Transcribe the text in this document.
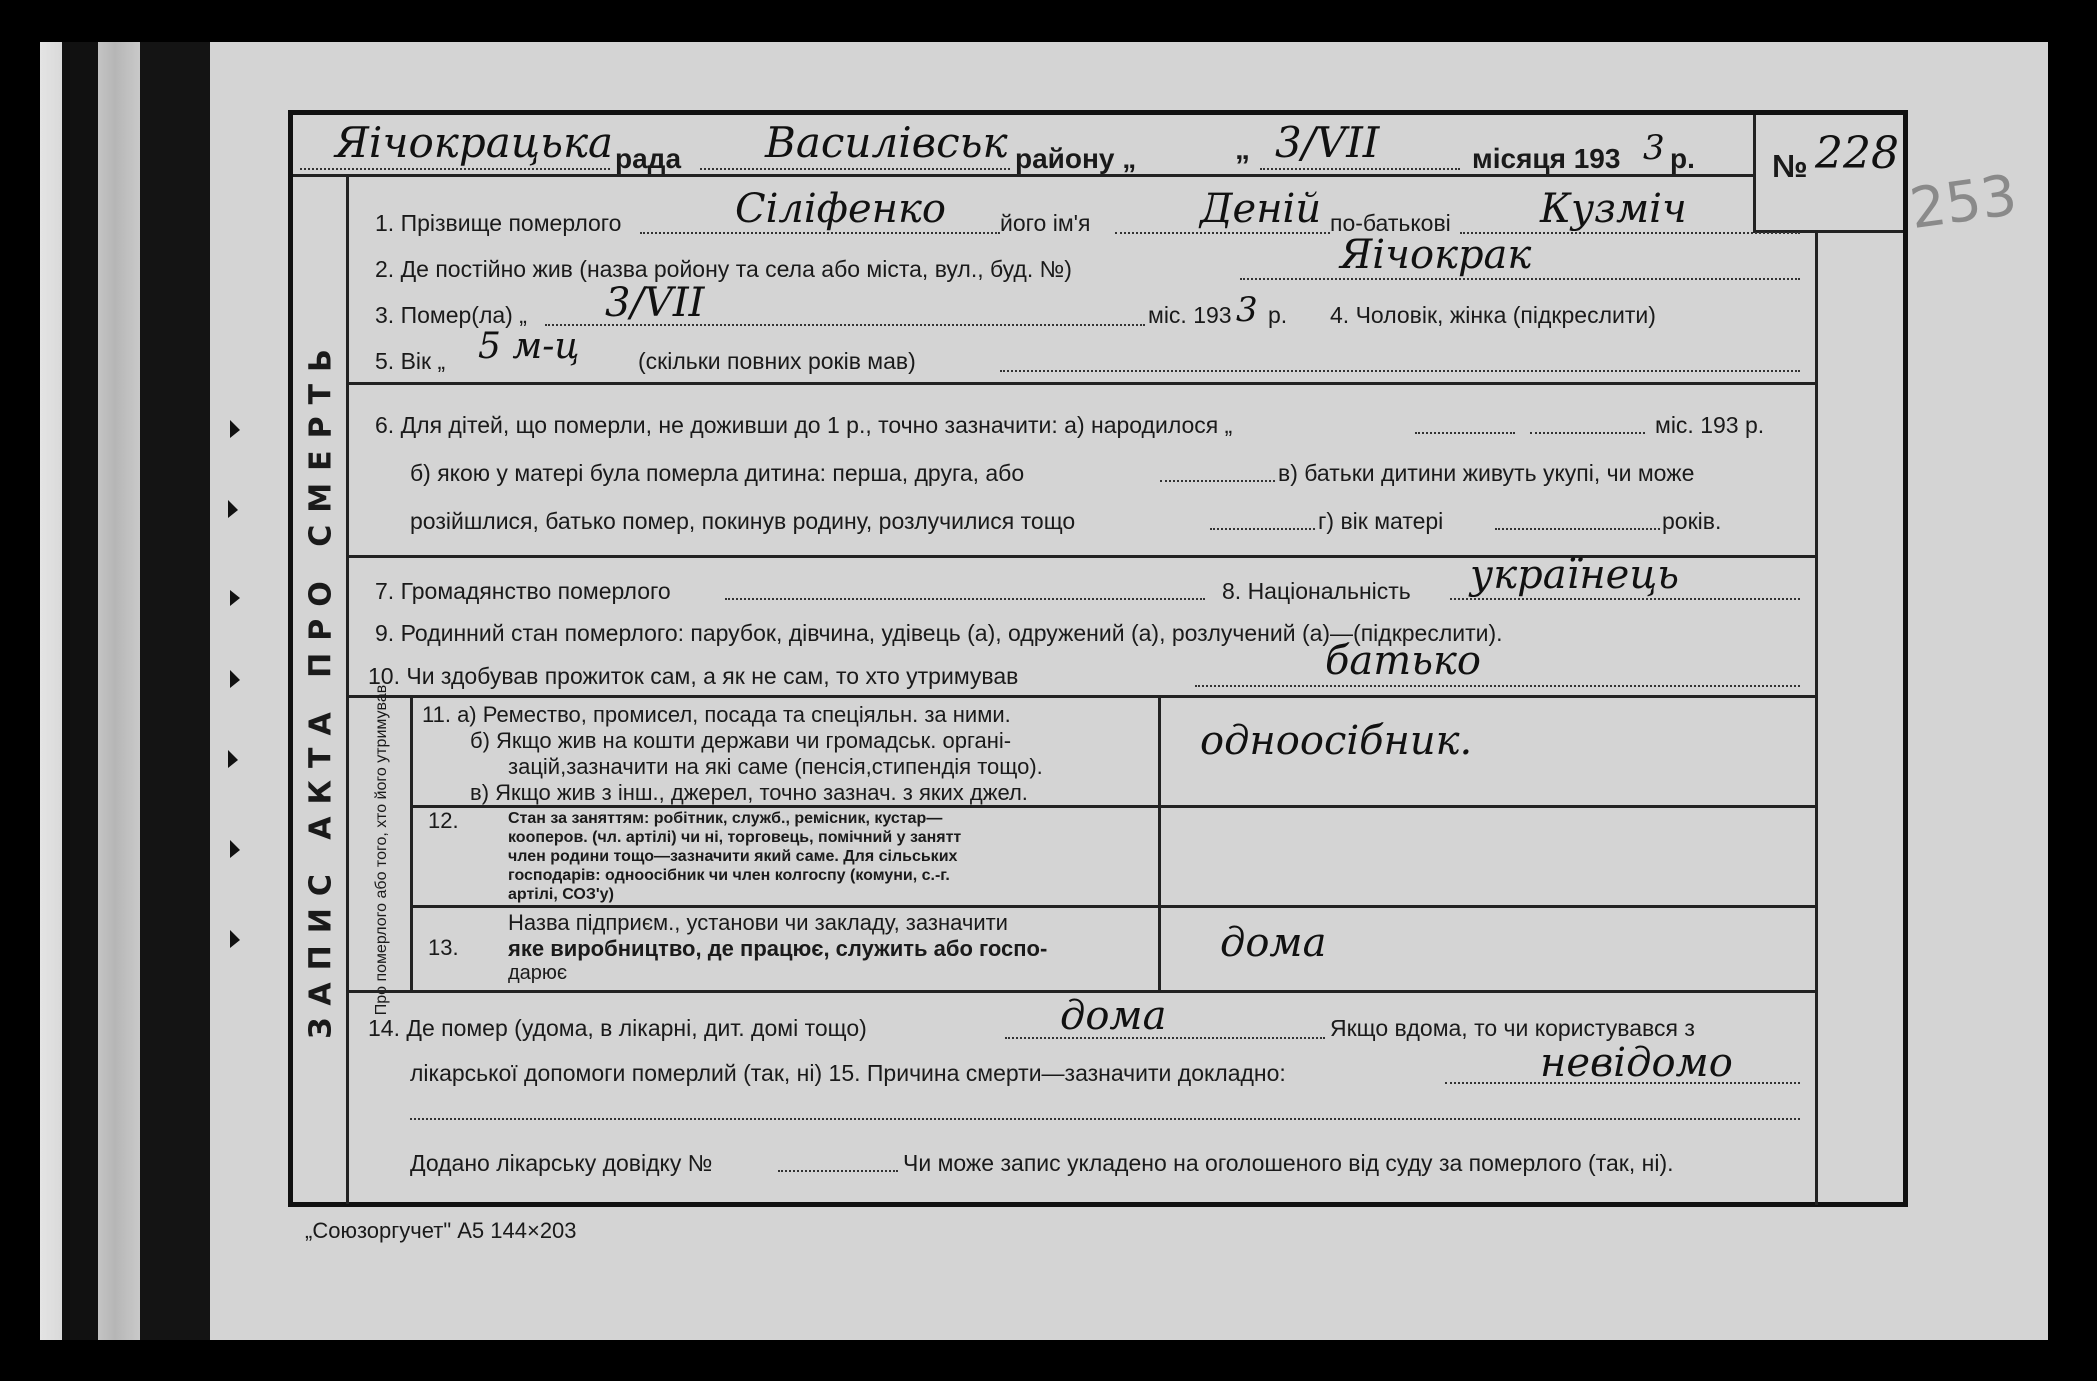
253
Яічокрацька рада Василівськ району „	„ 3/VII	місяця 193 3 р. № 228
ЗАПИС АКТА ПРО СМЕРТЬ
1. Прізвище померлого	Сіліфенко його ім'я	Деній по-батькові Кузміч
2. Де постійно жив (назва ройону та села або міста, вул., буд. №)	Яічокрак
3. Помер(ла) „ 3/VII	міс. 193 3 р. 4. Чоловік, жінка (підкреслити)
5. Вік „ 5 м-ц	(скільки повних років мав)
6. Для дітей, що померли, не доживши до 1 р., точно зазначити: а) народилося „	міс. 193 р.
б) якою у матері була померла дитина: перша, друга, або	в) батьки дитини живуть укупі, чи може
розійшлися, батько помер, покинув родину, розлучилися тощо	г) вік матері	років.
7. Громадянство померлого	8. Національність українець
9. Родинний стан померлого: парубок, дівчина, удівець (а), одружений (а), розлучений (а)—(підкреслити).
10. Чи здобував прожиток сам, а як не сам, то хто утримував	батько
Про померлого або того, хто його утримував 11. а) Ремество, промисел, посада та спеціяльн. за ними.
б) Якщо жив на кошти держави чи громадськ. органі-
зацій,зазначити на які саме (пенсія,стипендія тощо).
в) Якщо жив з інш., джерел, точно зазнач. з яких джел.
одноосібник.
12.	Стан за заняттям: робітник, служб., ремісник, кустар—
кооперов. (чл. артілі) чи ні, торговець, помічний у занятт
член родини тощо—зазначити який саме. Для сільських
господарів: одноосібник чи член колгоспу (комуни, с.-г.
артілі, СОЗ'у)
13.
Назва підприєм., установи чи закладу, зазначити
яке виробництво, де працює, служить або госпо-
дарює
дома
14. Де помер (удома, в лікарні, дит. домі тощо)	дома	Якщо вдома, то чи користувався з
лікарської допомоги померлий (так, ні) 15. Причина смерти—зазначити докладно:	невідомо
Додано лікарську довідку №	Чи може запис укладено на оголошеного від суду за померлого (так, ні).
„Союзоргучет" А5 144×203
